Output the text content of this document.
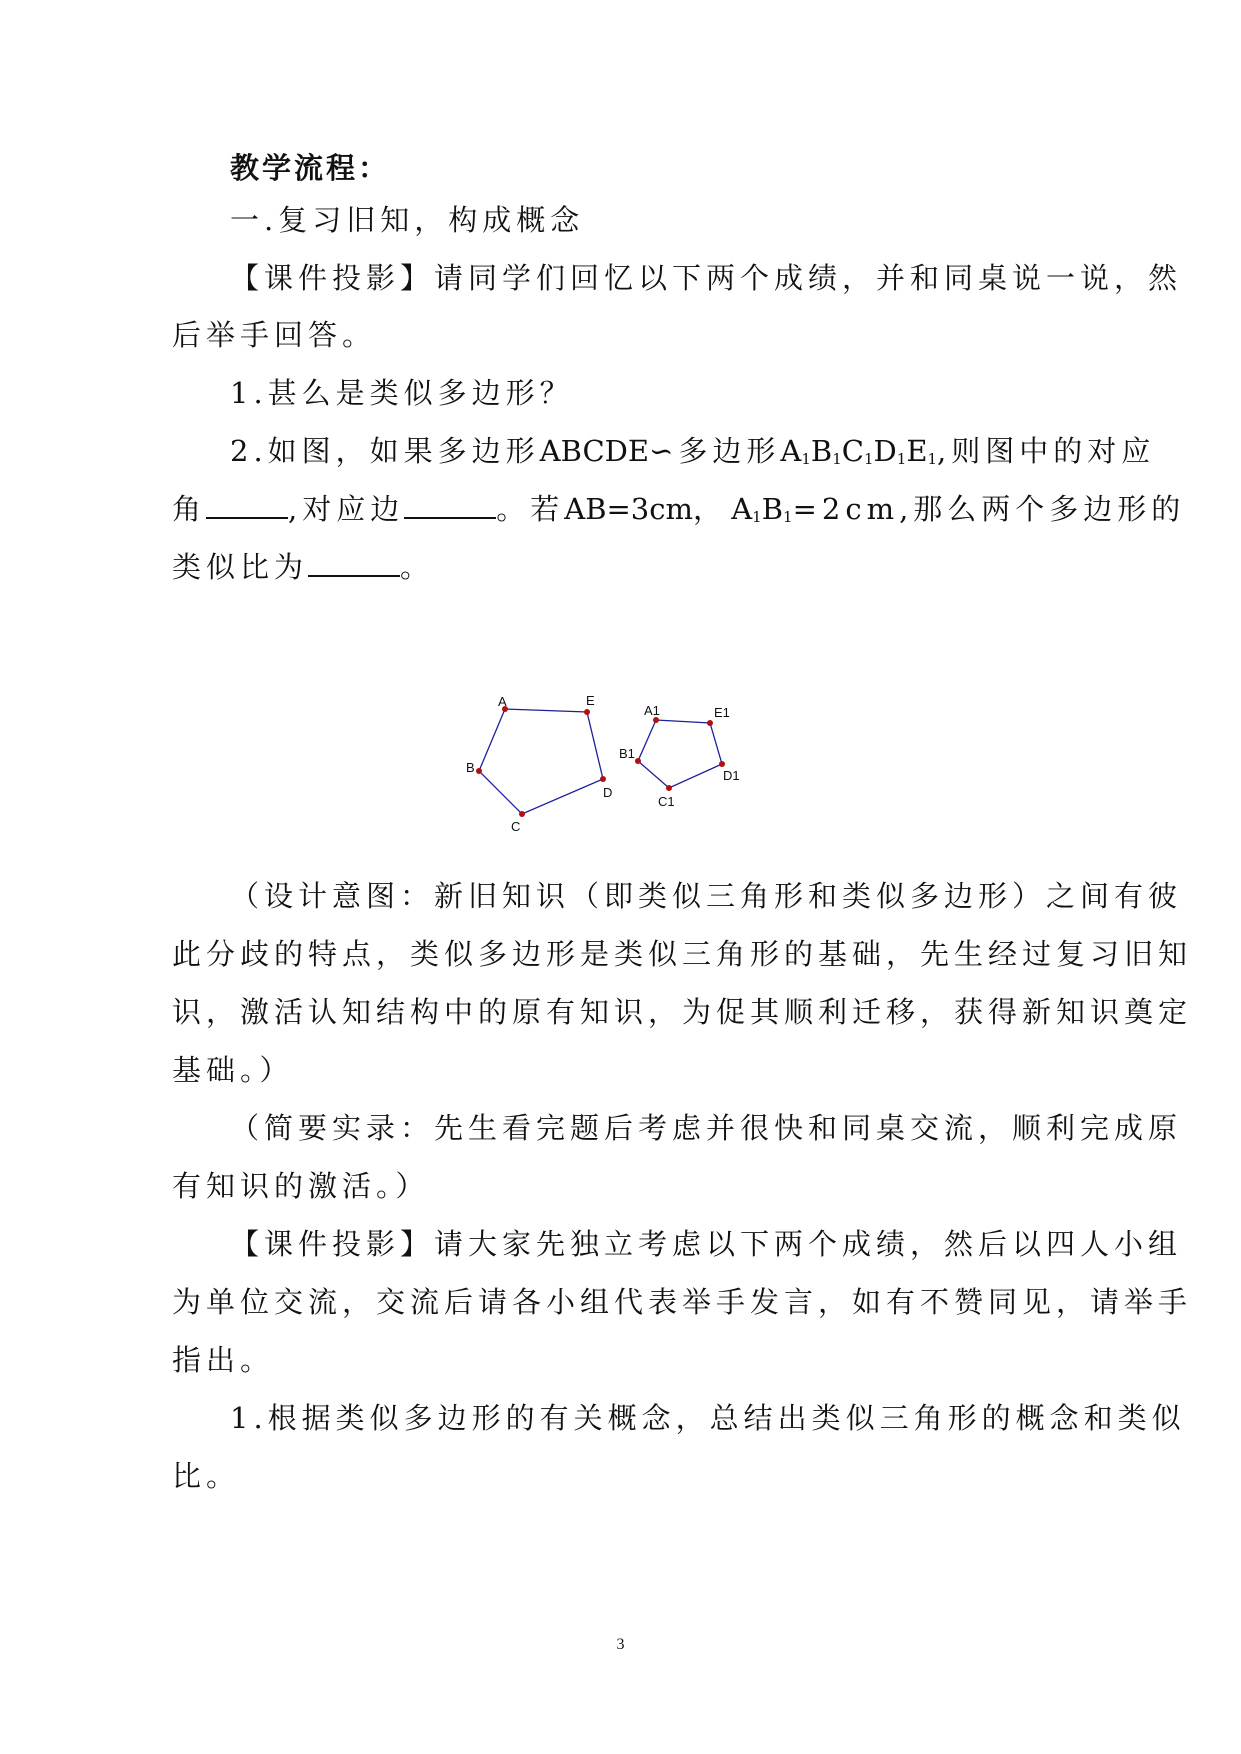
教学流程：
一.复习旧知，构成概念
【课件投影】请同学们回忆以下两个成绩，并和同桌说一说，然
后举手回答。
1.甚么是类似多边形？
2.如图，如果多边形ABCDE∽多边形$A_1B_1C_1D_1E_1$,则图中的对应
角	,对应边	。若AB=3cm， $A_1B_1=2cm$,那么两个多边形的
类似比为	。
A	E
B
D
C
A1	E1
B1
D1
C1
（设计意图：新旧知识（即类似三角形和类似多边形）之间有彼
此分歧的特点，类似多边形是类似三角形的基础，先生经过复习旧知
识，激活认知结构中的原有知识，为促其顺利迁移，获得新知识奠定
基础。）
（简要实录：先生看完题后考虑并很快和同桌交流，顺利完成原
有知识的激活。）
【课件投影】请大家先独立考虑以下两个成绩，然后以四人小组
为单位交流，交流后请各小组代表举手发言，如有不赞同见，请举手
指出。
1.根据类似多边形的有关概念，总结出类似三角形的概念和类似
比。
3
